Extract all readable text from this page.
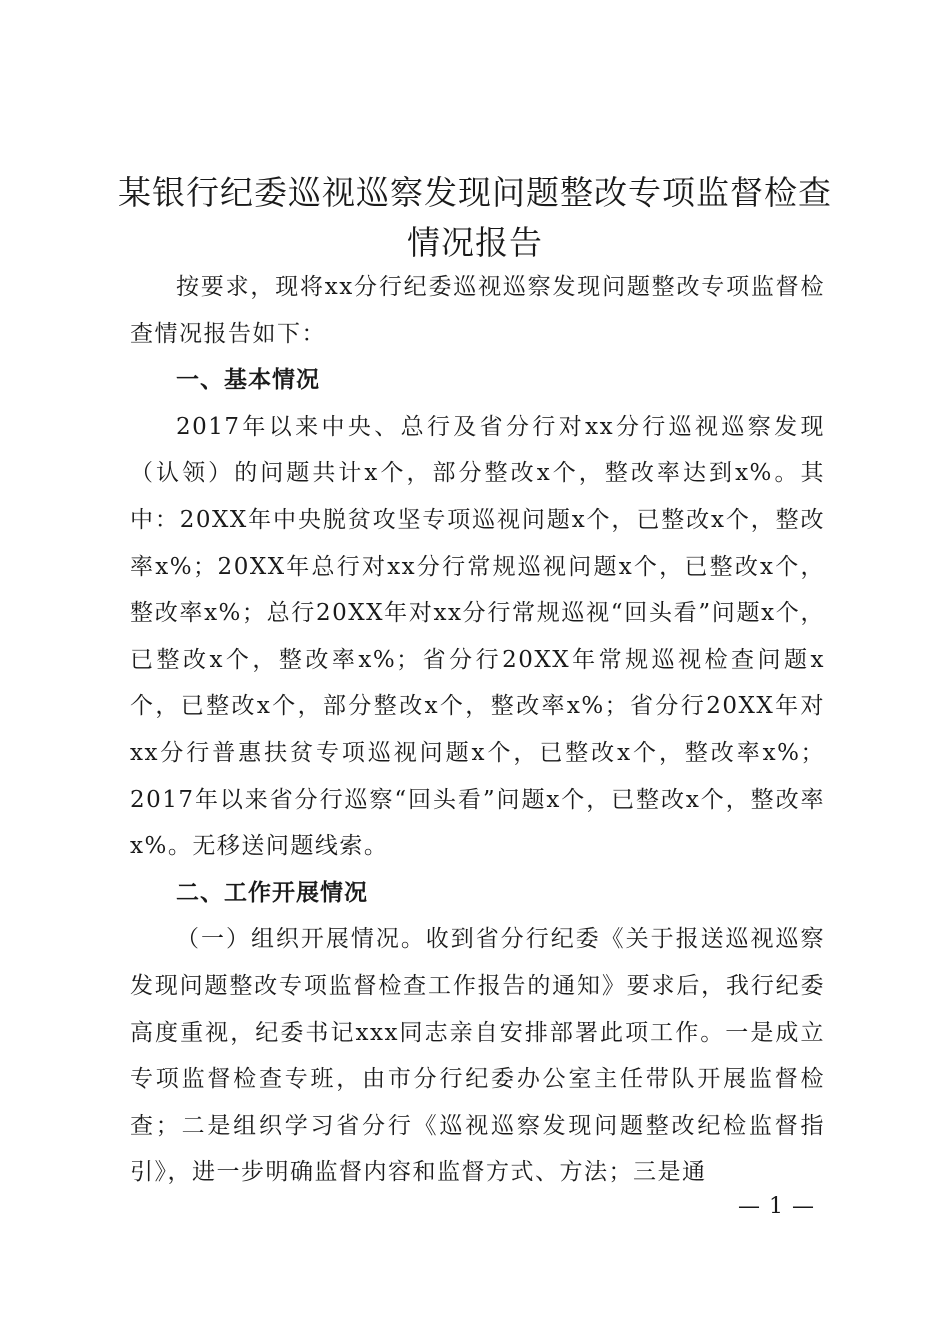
某银行纪委巡视巡察发现问题整改专项监督检查情况报告

按要求，现将xx分行纪委巡视巡察发现问题整改专项监督检查情况报告如下：

一、基本情况

2017年以来中央、总行及省分行对xx分行巡视巡察发现（认领）的问题共计x个，部分整改x个，整改率达到x%。其中：20XX年中央脱贫攻坚专项巡视问题x个，已整改x个，整改率x%；20XX年总行对xx分行常规巡视问题x个，已整改x个，整改率x%；总行20XX年对xx分行常规巡视“回头看”问题x个，已整改x个，整改率x%；省分行20XX年常规巡视检查问题x个，已整改x个，部分整改x个，整改率x%；省分行20XX年对xx分行普惠扶贫专项巡视问题x个，已整改x个，整改率x%；2017年以来省分行巡察“回头看”问题x个，已整改x个，整改率x%。无移送问题线索。

二、工作开展情况

（一）组织开展情况。收到省分行纪委《关于报送巡视巡察发现问题整改专项监督检查工作报告的通知》要求后，我行纪委高度重视，纪委书记xxx同志亲自安排部署此项工作。一是成立专项监督检查专班，由市分行纪委办公室主任带队开展监督检查；二是组织学习省分行《巡视巡察发现问题整改纪检监督指引》，进一步明确监督内容和监督方式、方法；三是通

— 1 —
